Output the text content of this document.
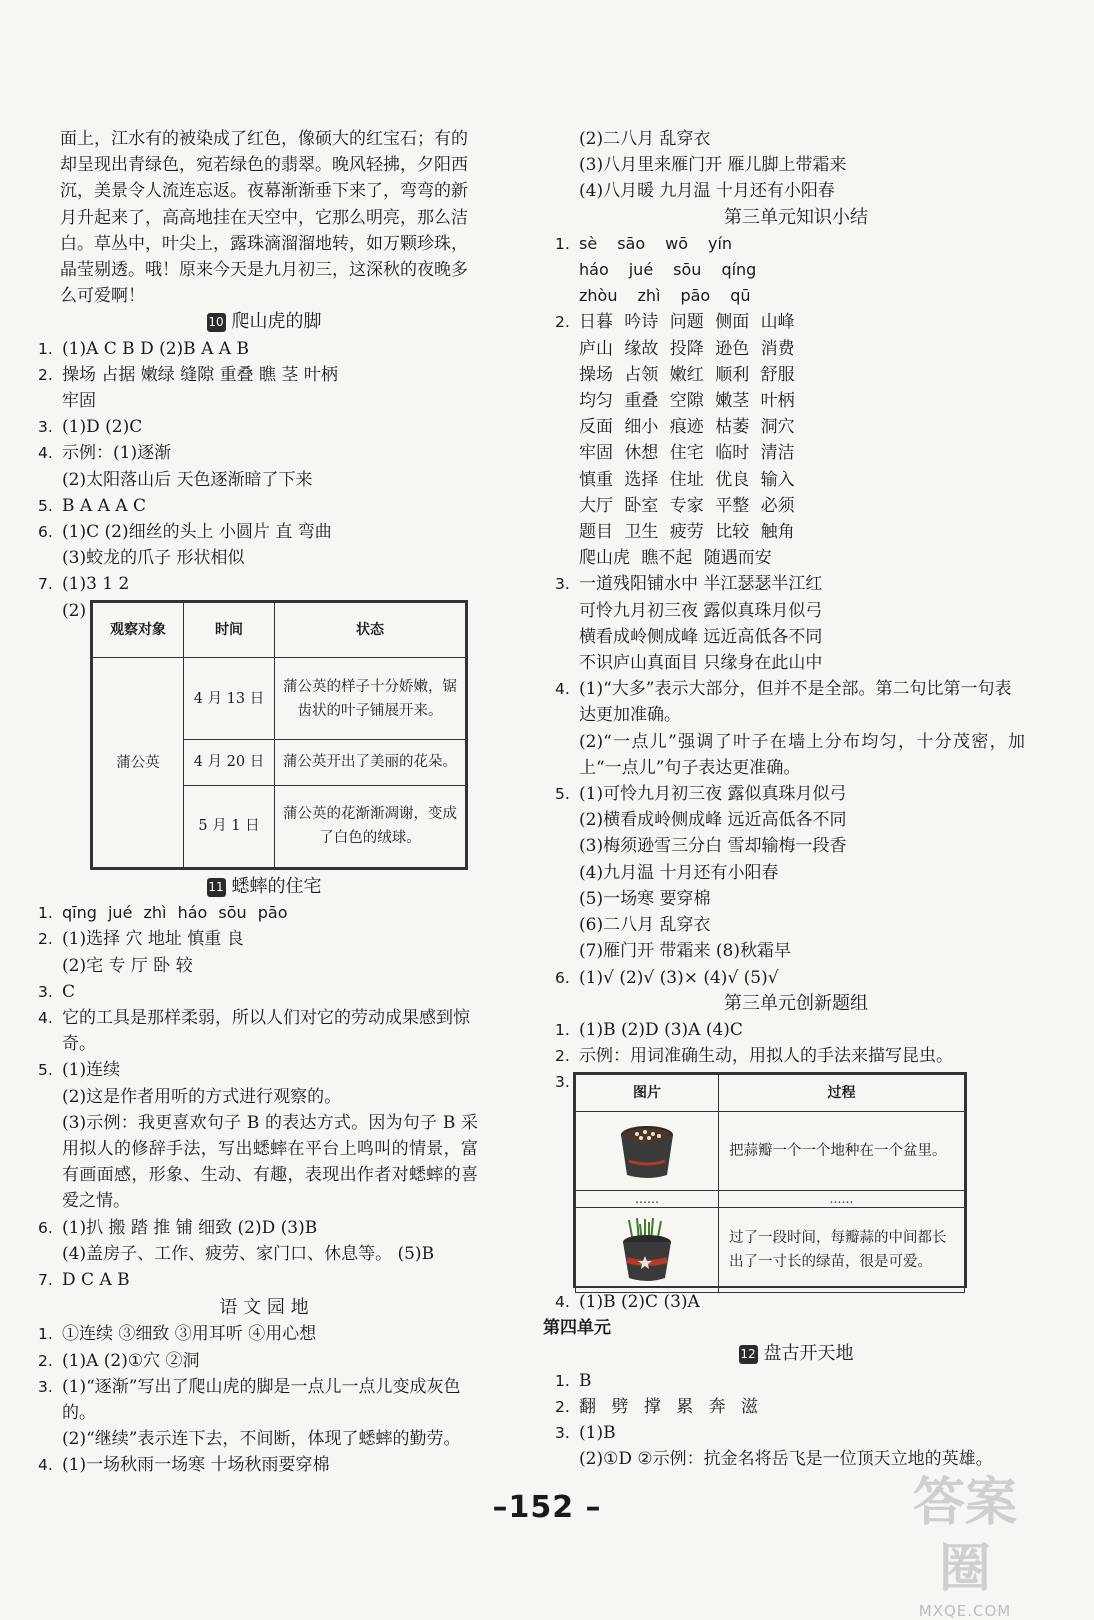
面上，江水有的被染成了红色，像硕大的红宝石；有的却呈现出青绿色，宛若绿色的翡翠。晚风轻拂，夕阳西沉，美景令人流连忘返。夜幕渐渐垂下来了，弯弯的新月升起来了，高高地挂在天空中，它那么明亮，那么洁白。草丛中，叶尖上，露珠滴溜溜地转，如万颗珍珠，晶莹剔透。哦！原来今天是九月初三，这深秋的夜晚多么可爱啊！
10 爬山虎的脚
1. (1)A C B D (2)B A A B
2. 操场 占据 嫩绿 缝隙 重叠 瞧 茎 叶柄
牢固
3. (1)D (2)C
4. 示例：(1)逐渐
(2)太阳落山后 天色逐渐暗了下来
5. B A A A C
6. (1)C (2)细丝的头上 小圆片 直 弯曲
(3)蛟龙的爪子 形状相似
7. (1)3 1 2
(2)
观察对象	时间	状态
蒲公英	4 月 13 日	蒲公英的样子十分娇嫩，锯齿状的叶子铺展开来。
	4 月 20 日	蒲公英开出了美丽的花朵。
	5 月 1 日	蒲公英的花渐渐凋谢，变成了白色的绒球。
11 蟋蟀的住宅
1. qīng jué zhì háo sōu pāo
2. (1)选择 穴 地址 慎重 良
(2)宅 专 厅 卧 较
3. C
4. 它的工具是那样柔弱，所以人们对它的劳动成果感到惊奇。
5. (1)连续
(2)这是作者用听的方式进行观察的。
(3)示例：我更喜欢句子 B 的表达方式。因为句子 B 采用拟人的修辞手法，写出蟋蟀在平台上鸣叫的情景，富有画面感，形象、生动、有趣，表现出作者对蟋蟀的喜爱之情。
6. (1)扒 搬 踏 推 铺 细致 (2)D (3)B
(4)盖房子、工作、疲劳、家门口、休息等。 (5)B
7. D C A B
语 文 园 地
1. ①连续 ③细致 ③用耳听 ④用心想
2. (1)A (2)①穴 ②洞
3. (1)“逐渐”写出了爬山虎的脚是一点儿一点儿变成灰色的。
(2)“继续”表示连下去，不间断，体现了蟋蟀的勤劳。
4. (1)一场秋雨一场寒 十场秋雨要穿棉
(2)二八月 乱穿衣
(3)八月里来雁门开 雁儿脚上带霜来
(4)八月暖 九月温 十月还有小阳春
第三单元知识小结
1. sè sāo wō yín
háo jué sōu qíng
zhòu zhì pāo qū
2. 日暮 吟诗 问题 侧面 山峰
庐山 缘故 投降 逊色 消费
操场 占领 嫩红 顺利 舒服
均匀 重叠 空隙 嫩茎 叶柄
反面 细小 痕迹 枯萎 洞穴
牢固 休想 住宅 临时 清洁
慎重 选择 住址 优良 输入
大厅 卧室 专家 平整 必须
题目 卫生 疲劳 比较 触角
爬山虎 瞧不起 随遇而安
3. 一道残阳铺水中 半江瑟瑟半江红
可怜九月初三夜 露似真珠月似弓
横看成岭侧成峰 远近高低各不同
不识庐山真面目 只缘身在此山中
4. (1)“大多”表示大部分，但并不是全部。第二句比第一句表达更加准确。
(2)“一点儿”强调了叶子在墙上分布均匀，十分茂密，加上“一点儿”句子表达更准确。
5. (1)可怜九月初三夜 露似真珠月似弓
(2)横看成岭侧成峰 远近高低各不同
(3)梅须逊雪三分白 雪却输梅一段香
(4)九月温 十月还有小阳春
(5)一场寒 要穿棉
(6)二八月 乱穿衣
(7)雁门开 带霜来 (8)秋霜早
6. (1)√ (2)√ (3)× (4)√ (5)√
第三单元创新题组
1. (1)B (2)D (3)A (4)C
2. 示例：用词准确生动，用拟人的手法来描写昆虫。
3.
图片	过程

	把蒜瓣一个一个地种在一个盆里。
……	……

	过了一段时间，每瓣蒜的中间都长出了一寸长的绿苗，很是可爱。
4. (1)B (2)C (3)A
第四单元
12 盘古开天地
1. B
2. 翻 劈 撑 累 奔 滋
3. (1)B
(2)①D ②示例：抗金名将岳飞是一位顶天立地的英雄。
–152 –	答案圈
MXQE.COM
